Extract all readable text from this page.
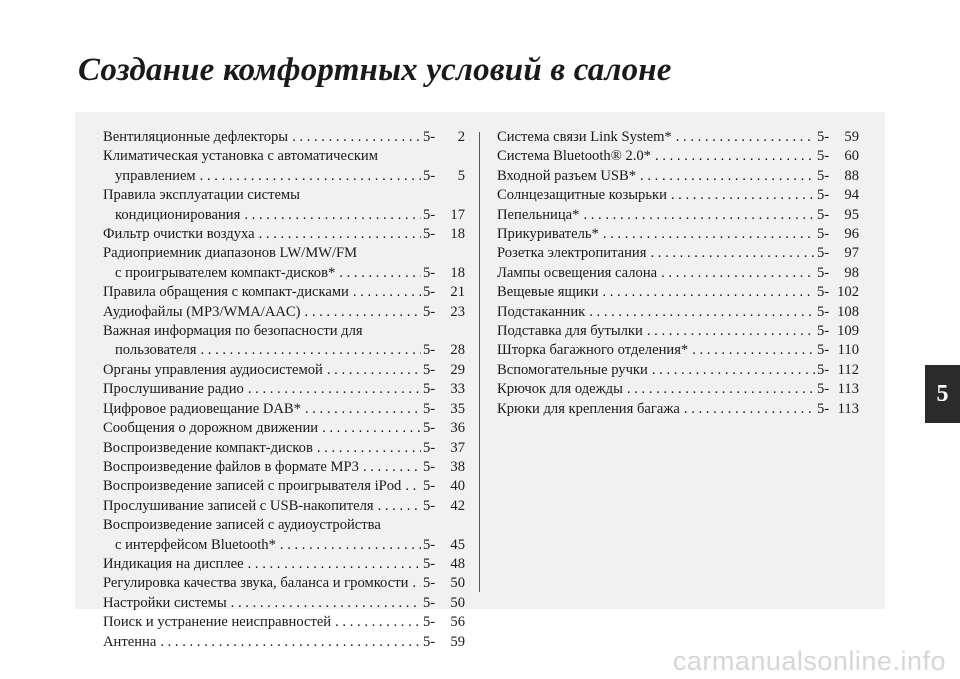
Создание комфортных условий в салоне
Вентиляционные дефлекторы . . .	5- 2
Климатическая установка с автоматическим
управлением . . .	5- 5
Правила эксплуатации системы
кондиционирования . . .	5- 17
Фильтр очистки воздуха . . .	5- 18
Радиоприемник диапазонов LW/MW/FM
с проигрывателем компакт-дисков* . . .	5- 18
Правила обращения с компакт-дисками . . .	5- 21
Аудиофайлы (MP3/WMA/AAC) . . .	5- 23
Важная информация по безопасности для
пользователя . . .	5- 28
Органы управления аудиосистемой . . .	5- 29
Прослушивание радио . . .	5- 33
Цифровое радиовещание DAB* . . .	5- 35
Сообщения о дорожном движении . . .	5- 36
Воспроизведение компакт-дисков . . .	5- 37
Воспроизведение файлов в формате MP3 . . .	5- 38
Воспроизведение записей с проигрывателя iPod . . . 5- 40
Прослушивание записей с USB-накопителя . . .	5- 42
Воспроизведение записей с аудиоустройства
с интерфейсом Bluetooth* . . .	5- 45
Индикация на дисплее . . .	5- 48
Регулировка качества звука, баланса и громкости . . . 5- 50
Настройки системы . . .	5- 50
Поиск и устранение неисправностей . . .	5- 56
Антенна . . .	5- 59
Система связи Link System* . . .	5- 59
Система Bluetooth® 2.0* . . .	5- 60
Входной разъем USB* . . .	5- 88
Солнцезащитные козырьки . . .	5- 94
Пепельница* . . .	5- 95
Прикуриватель* . . .	5- 96
Розетка электропитания . . .	5- 97
Лампы освещения салона . . .	5- 98
Вещевые ящики . . .	5- 102
Подстаканник . . .	5- 108
Подставка для бутылки . . .	5- 109
Шторка багажного отделения* . . .	5- 110
Вспомогательные ручки . . .	5- 112
Крючок для одежды . . .	5- 113
Крюки для крепления багажа . . .	5- 113
5
carmanualsonline.info
